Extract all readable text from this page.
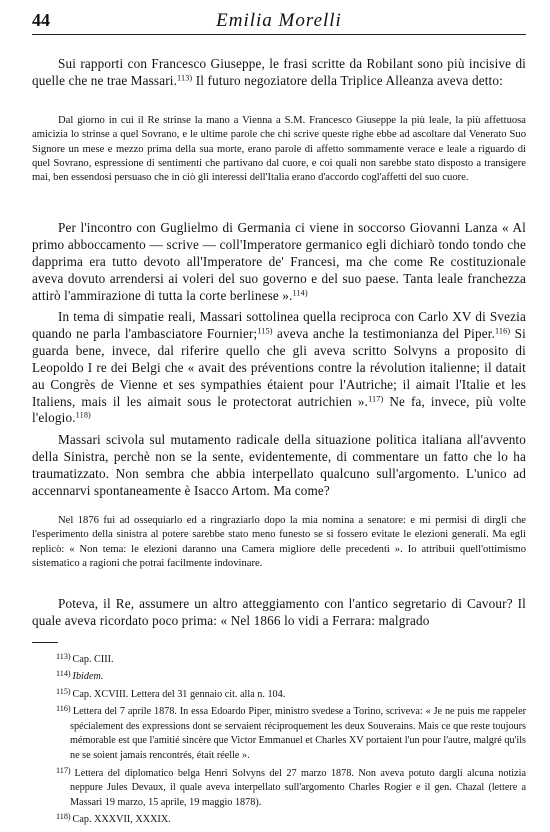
44	Emilia Morelli

Sui rapporti con Francesco Giuseppe, le frasi scritte da Robilant sono più incisive di quelle che ne trae Massari.$^{113)}$ Il futuro negoziatore della Triplice Alleanza aveva detto:

Dal giorno in cui il Re strinse la mano a Vienna a S.M. Francesco Giuseppe la più leale, la più affettuosa amicizia lo strinse a quel Sovrano, e le ultime parole che chi scrive queste righe ebbe ad ascoltare dal Venerato Suo Signore un mese e mezzo prima della sua morte, erano parole di affetto sommamente verace e leale a riguardo di quel Sovrano, espressione di sentimenti che partivano dal cuore, e coi quali non sarebbe stato disposto a transigere mai, ben essendosi persuaso che in ciò gli interessi dell'Italia erano d'accordo cogl'affetti del suo cuore.

Per l'incontro con Guglielmo di Germania ci viene in soccorso Giovanni Lanza « Al primo abboccamento — scrive — coll'Imperatore germanico egli dichiarò tondo tondo che dapprima era tutto devoto all'Imperatore de' Francesi, ma che come Re costituzionale aveva dovuto arrendersi ai voleri del suo governo e del suo paese. Tanta leale franchezza attirò l'ammirazione di tutta la corte berlinese ».$^{114)}$

In tema di simpatie reali, Massari sottolinea quella reciproca con Carlo XV di Svezia quando ne parla l'ambasciatore Fournier;$^{115)}$ aveva anche la testimonianza del Piper.$^{116)}$ Si guarda bene, invece, dal riferire quello che gli aveva scritto Solvyns a proposito di Leopoldo I re dei Belgi che « avait des préventions contre la révolution italienne; il datait au Congrès de Vienne et ses sympathies étaient pour l'Autriche; il aimait l'Italie et les Italiens, mais il les aimait sous le protectorat autrichien ».$^{117)}$ Ne fa, invece, più volte l'elogio.$^{118)}$

Massari scivola sul mutamento radicale della situazione politica italiana all'avvento della Sinistra, perchè non se la sente, evidentemente, di commentare un fatto che lo ha traumatizzato. Non sembra che abbia interpellato qualcuno sull'argomento. L'unico ad accennarvi spontaneamente è Isacco Artom. Ma come?

Nel 1876 fui ad ossequiarlo ed a ringraziarlo dopo la mia nomina a senatore: e mi permisi di dirgli che l'esperimento della sinistra al potere sarebbe stato meno funesto se si fossero evitate le elezioni generali. Ma egli replicò: « Non tema: le elezioni daranno una Camera migliore delle precedenti ». Io attribuii quell'ottimismo sistematico a ragioni che potrai facilmente indovinare.

Poteva, il Re, assumere un altro atteggiamento con l'antico segretario di Cavour? Il quale aveva ricordato poco prima: « Nel 1866 lo vidi a Ferrara: malgrado

113) Cap. CIII.
114) Ibidem.
115) Cap. XCVIII. Lettera del 31 gennaio cit. alla n. 104.
116) Lettera del 7 aprile 1878. In essa Edoardo Piper, ministro svedese a Torino, scriveva: « Je ne puis me rappeler spécialement des expressions dont se servaient réciproquement les deux Souverains. Mais ce que reste toujours mémorable est que l'amitié sincère que Victor Emmanuel et Charles XV portaient l'un pour l'autre, malgré qu'ils ne se soient jamais rencontrés, était réelle ».
117) Lettera del diplomatico belga Henri Solvyns del 27 marzo 1878. Non aveva potuto dargli alcuna notizia neppure Jules Devaux, il quale aveva interpellato sull'argomento Charles Rogier e il gen. Chazal (lettere a Massari 19 marzo, 15 aprile, 19 maggio 1878).
118) Cap. XXXVII, XXXIX.
